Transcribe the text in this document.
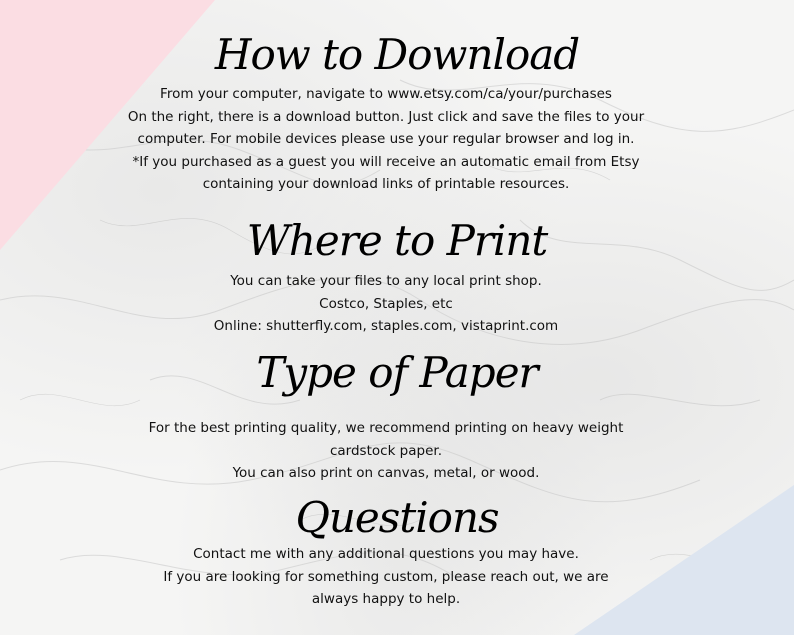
How to Download
From your computer, navigate to www.etsy.com/ca/your/purchases
On the right, there is a download button. Just click and save the files to your
computer. For mobile devices please use your regular browser and log in.
*If you purchased as a guest you will receive an automatic email from Etsy
containing your download links of printable resources.
Where to Print
You can take your files to any local print shop.
Costco, Staples, etc
Online: shutterfly.com, staples.com, vistaprint.com
Type of Paper
For the best printing quality, we recommend printing on heavy weight
cardstock paper.
You can also print on canvas, metal, or wood.
Questions
Contact me with any additional questions you may have.
If you are looking for something custom, please reach out, we are
always happy to help.
